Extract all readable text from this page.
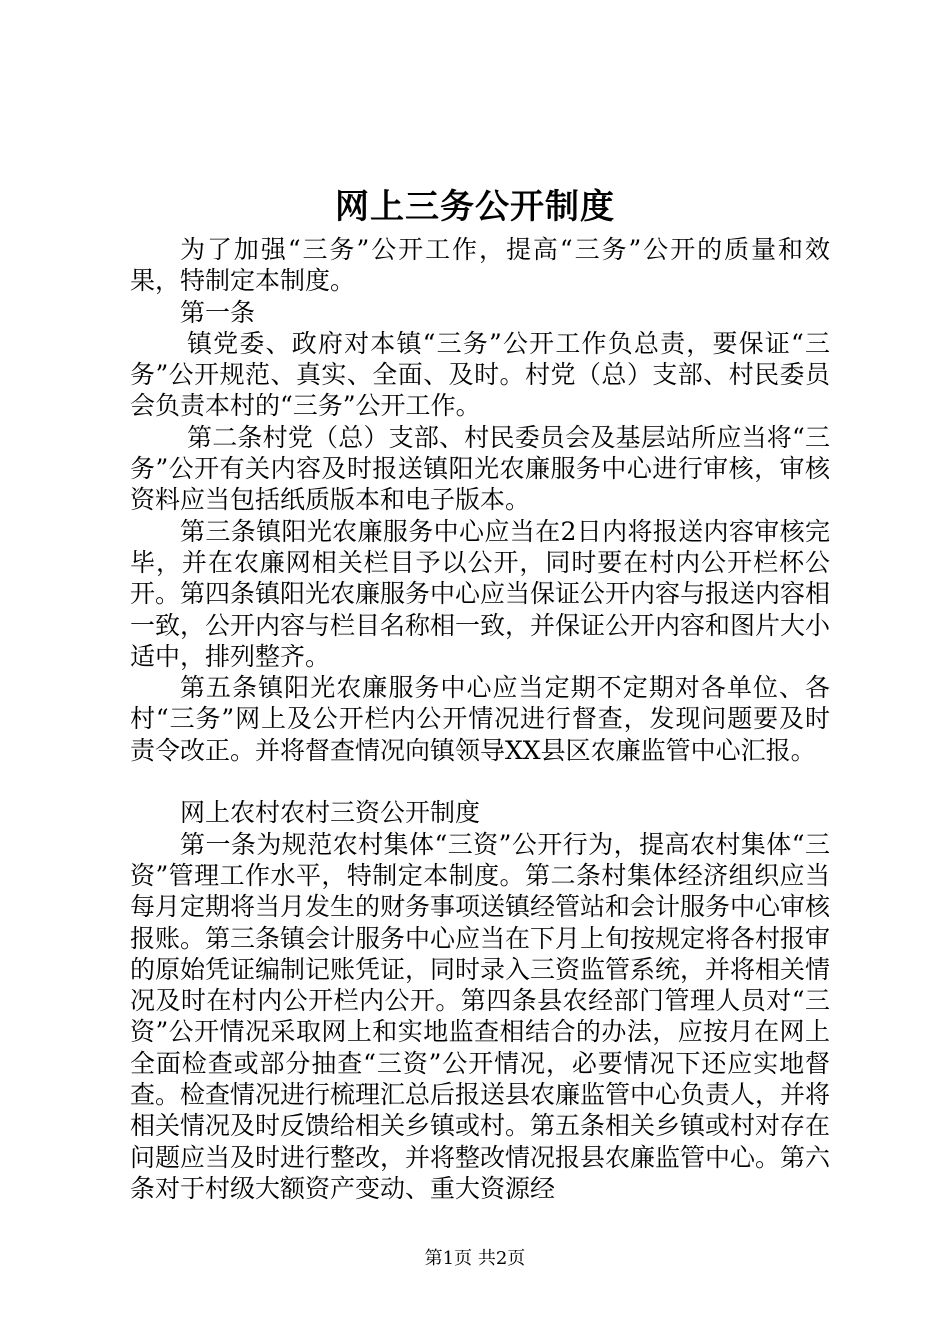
网上三务公开制度

为了加强“三务”公开工作，提高“三务”公开的质量和效果，特制定本制度。

第一条

镇党委、政府对本镇“三务”公开工作负总责，要保证“三务”公开规范、真实、全面、及时。村党（总）支部、村民委员会负责本村的“三务”公开工作。

第二条村党（总）支部、村民委员会及基层站所应当将“三务”公开有关内容及时报送镇阳光农廉服务中心进行审核，审核资料应当包括纸质版本和电子版本。

第三条镇阳光农廉服务中心应当在2日内将报送内容审核完毕，并在农廉网相关栏目予以公开，同时要在村内公开栏杯公开。第四条镇阳光农廉服务中心应当保证公开内容与报送内容相一致，公开内容与栏目名称相一致，并保证公开内容和图片大小适中，排列整齐。

第五条镇阳光农廉服务中心应当定期不定期对各单位、各村“三务”网上及公开栏内公开情况进行督查，发现问题要及时责令改正。并将督查情况向镇领导XX县区农廉监管中心汇报。

网上农村农村三资公开制度

第一条为规范农村集体“三资”公开行为，提高农村集体“三资”管理工作水平，特制定本制度。第二条村集体经济组织应当每月定期将当月发生的财务事项送镇经管站和会计服务中心审核报账。第三条镇会计服务中心应当在下月上旬按规定将各村报审的原始凭证编制记账凭证，同时录入三资监管系统，并将相关情况及时在村内公开栏内公开。第四条县农经部门管理人员对“三资”公开情况采取网上和实地监查相结合的办法，应按月在网上全面检查或部分抽查“三资”公开情况，必要情况下还应实地督查。检查情况进行梳理汇总后报送县农廉监管中心负责人，并将相关情况及时反馈给相关乡镇或村。第五条相关乡镇或村对存在问题应当及时进行整改，并将整改情况报县农廉监管中心。第六条对于村级大额资产变动、重大资源经

第1页 共2页
